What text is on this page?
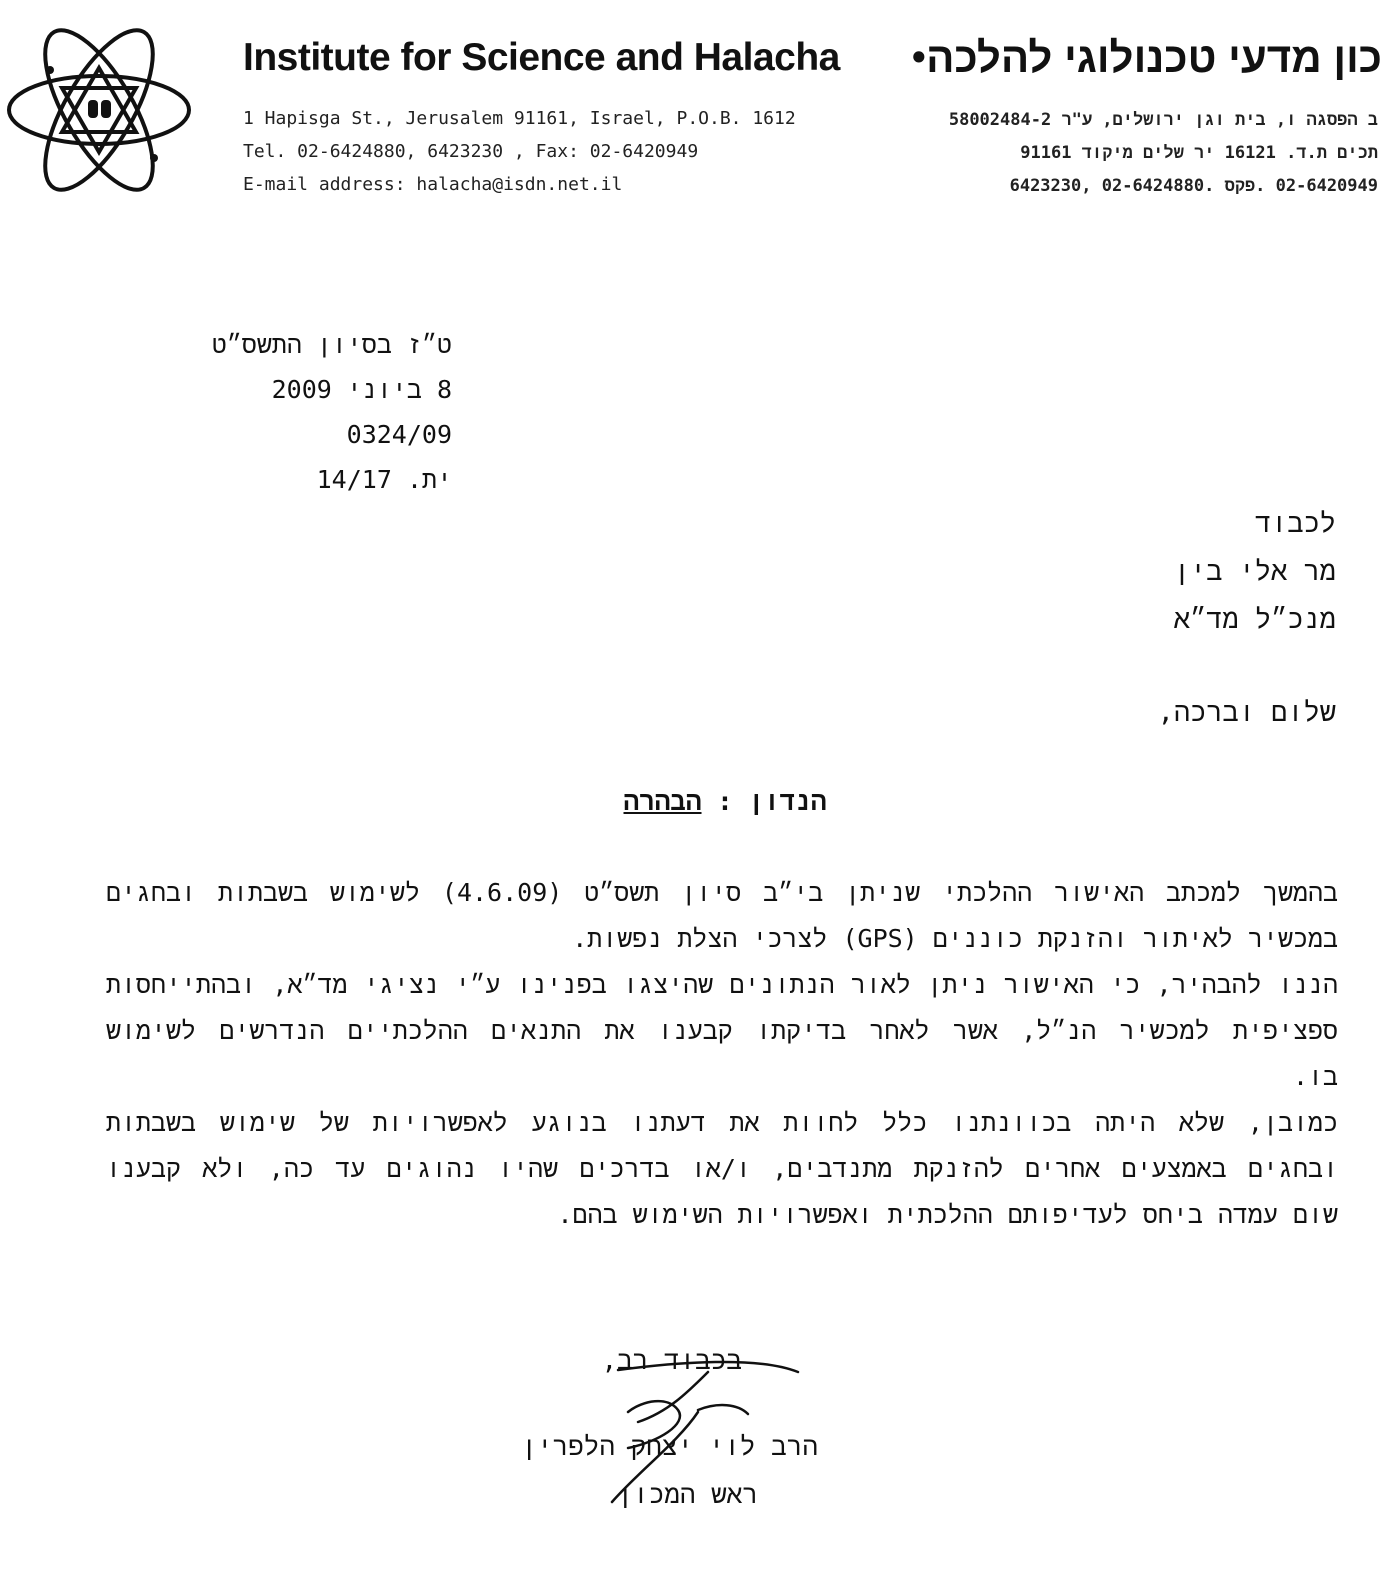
Institute for Science and Halacha • כון מדעי טכנולוגי להלכה
1 Hapisga St., Jerusalem 91161, Israel, P.O.B. 1612
Tel. 02-6424880, 6423230 , Fax: 02-6420949
E-mail address: halacha@isdn.net.il
ב הפסגה ו, בית וגן ירושלים, ע"ר 58002484-2
תכים ת.ד. 16121 יר שלים מיקוד 91161
02-6420949 .פקס .02-6424880 ,6423230
ט״ז בסיון התשס״ט
8 ביוני 2009
0324/09
ית. 14/17
לכבוד
מר אלי בין
מנכ״ל מד״א
שלום וברכה,
הנדון : הבהרה
בהמשך למכתב האישור ההלכתי שניתן בי״ב סיון תשס״ט (4.6.09) לשימוש בשבתות ובחגים
במכשיר לאיתור והזנקת כוננים (GPS) לצרכי הצלת נפשות.
הננו להבהיר, כי האישור ניתן לאור הנתונים שהיצגו בפנינו ע״י נציגי מד״א, ובהתייחסות
ספציפית למכשיר הנ״ל, אשר לאחר בדיקתו קבענו את התנאים ההלכתיים הנדרשים לשימוש
בו.
כמובן, שלא היתה בכוונתנו כלל לחוות את דעתנו בנוגע לאפשרויות של שימוש בשבתות
ובחגים באמצעים אחרים להזנקת מתנדבים, ו/או בדרכים שהיו נהוגים עד כה, ולא קבענו
שום עמדה ביחס לעדיפותם ההלכתית ואפשרויות השימוש בהם.
בכבוד רב,
הרב לוי יצחק הלפרין
ראש המכון
